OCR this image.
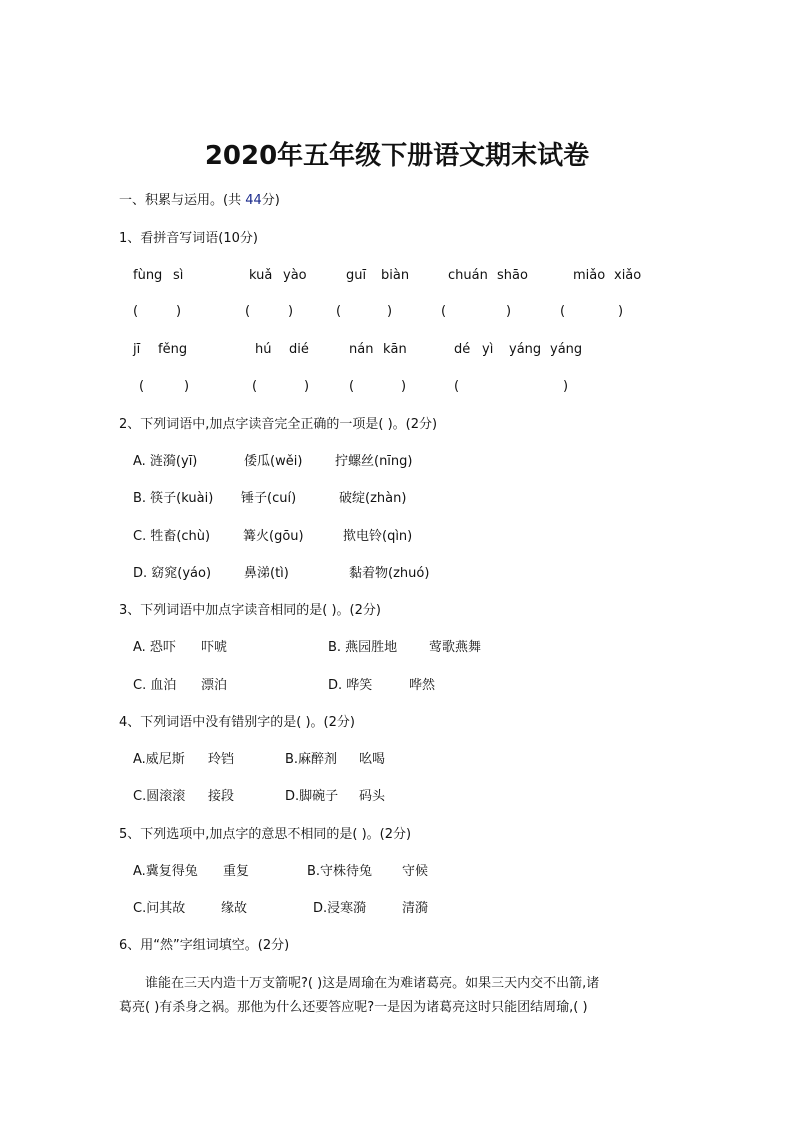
2020年五年级下册语文期末试卷
一、积累与运用。(共 44分)
1、看拼音写词语(10分)
fùng sì	kuǎ yào	guī biàn	chuán shāo	miǎo xiǎo
(	)	(	)	(	)	(	)	(	)
jī fěng	hú dié	nán kān	dé yì yáng yáng
(	)	(	)	(	)	(	)
2、下列词语中,加点字读音完全正确的一项是( )。(2分)
A. 涟漪(yī)	倭瓜(wěi)	拧螺丝(nīng)
B. 筷子(kuài) 锤子(cuí)	破绽(zhàn)
C. 牲畜(chù)	篝火(gōu)	揿电铃(qìn)
D. 窈窕(yáo)	鼻涕(tì)	黏着物(zhuó)
3、下列词语中加点字读音相同的是( )。(2分)
A. 恐吓 吓唬	B. 燕园胜地 莺歌燕舞
C. 血泊 漂泊	D. 哗笑	哗然
4、下列词语中没有错别字的是( )。(2分)
A.威尼斯 玲铛	B.麻醉剂 吆喝
C.圆滚滚 接段	D.脚碗子 码头
5、下列选项中,加点字的意思不相同的是( )。(2分)
A.冀复得兔 重复	B.守株待兔 守候
C.问其故	缘故	D.浸寒漪	清漪
6、用“然”字组词填空。(2分)

谁能在三天内造十万支箭呢?( )这是周瑜在为难诸葛亮。如果三天内交不出箭,诸

葛亮( )有杀身之祸。那他为什么还要答应呢?一是因为诸葛亮这时只能团结周瑜,( )
